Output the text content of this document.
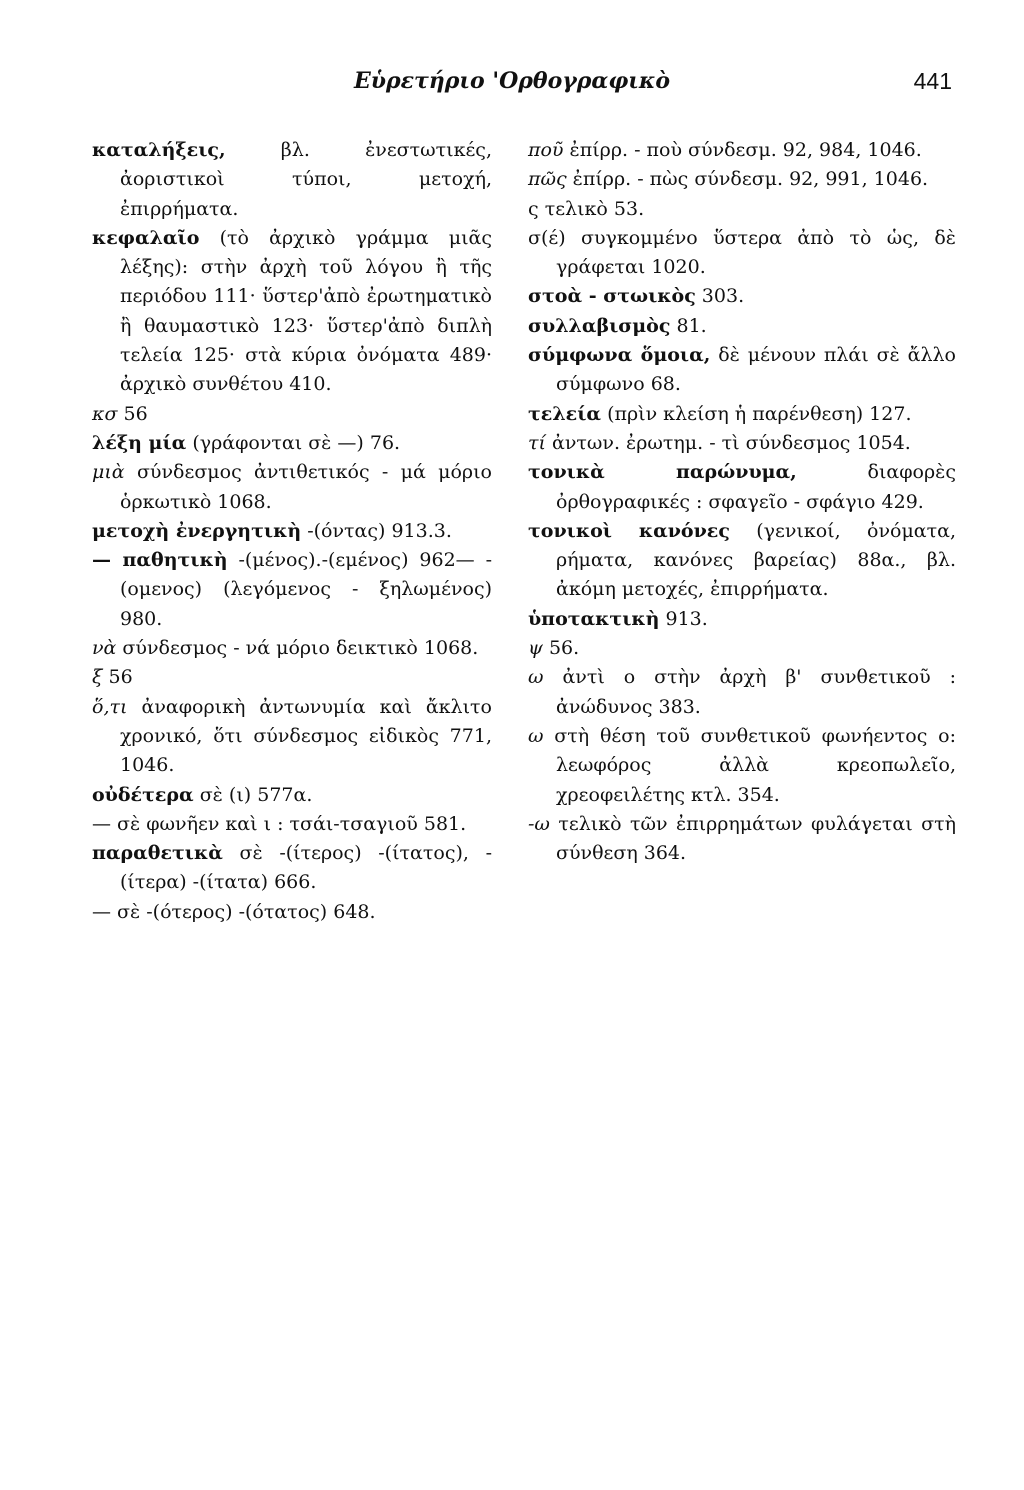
Εὑρετήριο 'Ορθογραφικὸ	441
καταλήξεις, βλ. ἐνεστωτικές, ἀοριστικοὶ τύποι, μετοχή, ἐπιρρήματα.
κεφαλαῖο (τὸ ἀρχικὸ γράμμα μιᾶς λέξης): στὴν ἀρχὴ τοῦ λόγου ἢ τῆς περιόδου 111· ὕστερ'ἀπὸ ἐρωτηματικὸ ἢ θαυμαστικὸ 123· ὕστερ'ἀπὸ διπλὴ τελεία 125· στὰ κύρια ὀνόματα 489· ἀρχικὸ συνθέτου 410.
κσ 56
λέξη μία (γράφονται σὲ —) 76.
μιὰ σύνδεσμος ἀντιθετικός - μά μόριο ὁρκωτικὸ 1068.
μετοχὴ ἐνεργητικὴ -(όντας) 913.3.
— παθητικὴ -(μένος).-(εμένος) 962— -(ομενος) (λεγόμενος - ξηλωμένος) 980.
νὰ σύνδεσμος - νά μόριο δεικτικὸ 1068.
ξ 56
ὅ,τι ἀναφορικὴ ἀντωνυμία καὶ ἄκλιτο χρονικό, ὅτι σύνδεσμος εἰδικὸς 771, 1046.
οὐδέτερα σὲ (ι) 577α.
— σὲ φωνῆεν καὶ ι : τσάι-τσαγιοῦ 581.
παραθετικὰ σὲ -(ίτερος) -(ίτατος), -(ίτερα) -(ίτατα) 666.
— σὲ -(ότερος) -(ότατος) 648.
ποῦ ἐπίρρ. - ποὺ σύνδεσμ. 92, 984, 1046.
πῶς ἐπίρρ. - πὼς σύνδεσμ. 92, 991, 1046.
ς τελικὸ 53.
σ(έ) συγκομμένο ὕστερα ἀπὸ τὸ ὡς, δὲ γράφεται 1020.
στοὰ - στωικὸς 303.
συλλαβισμὸς 81.
σύμφωνα ὅμοια, δὲ μένουν πλάι σὲ ἄλλο σύμφωνο 68.
τελεία (πρὶν κλείση ἡ παρένθεση) 127.
τί ἀντων. ἐρωτημ. - τὶ σύνδεσμος 1054.
τονικὰ παρώνυμα, διαφορὲς ὀρθογραφικές : σφαγεῖο - σφάγιο 429.
τονικοὶ κανόνες (γενικοί, ὀνόματα, ρήματα, κανόνες βαρείας) 88α., βλ. ἀκόμη μετοχές, ἐπιρρήματα.
ὑποτακτικὴ 913.
ψ 56.
ω ἀντὶ ο στὴν ἀρχὴ β' συνθετικοῦ : ἀνώδυνος 383.
ω στὴ θέση τοῦ συνθετικοῦ φωνήεντος ο: λεωφόρος ἀλλὰ κρεοπωλεῖο, χρεοφειλέτης κτλ. 354.
-ω τελικὸ τῶν ἐπιρρημάτων φυλάγεται στὴ σύνθεση 364.
